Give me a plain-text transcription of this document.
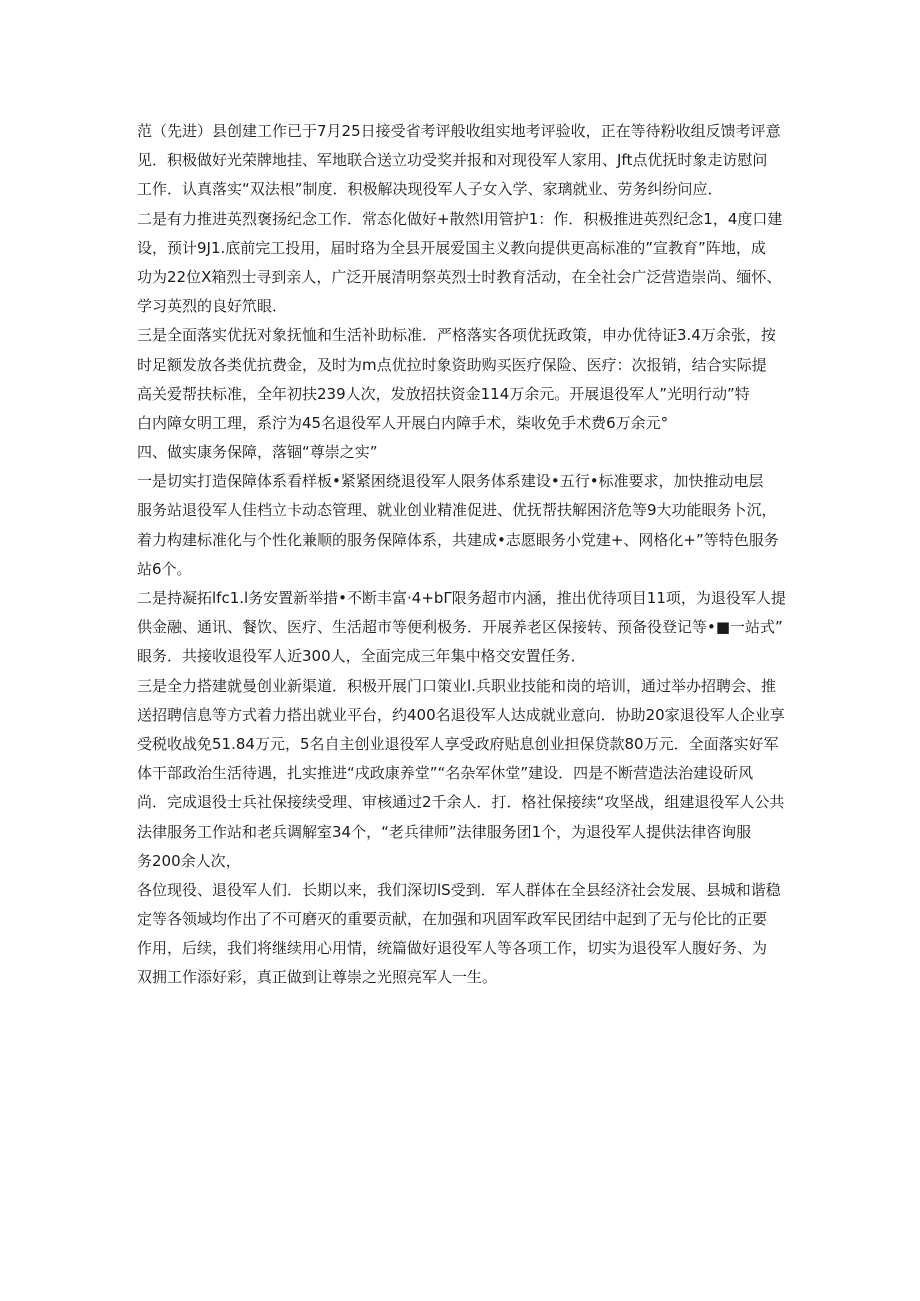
范（先进）县创建工作已于7月25日接受省考评般收组实地考评验收，正在等待粉收组反馈考评意
见．积极做好光荣牌地挂、军地联合送立功受奖并报和对现役军人家用、Jft点优抚时象走访慰问
工作．认真落实“双法根”制度．积极解决现役军人子女入学、家璃就业、劳务纠纷问应．
二是有力推进英烈褒扬纪念工作．常态化做好+散然l用管护1：作．积极推进英烈纪念1，4度口建
设，预计9J1.底前完工投用，届时珞为全县开展爱国主义教向提供更高标准的”宣教育”阵地，成
功为22位X箱烈士寻到亲人，广泛开展清明祭英烈士时教育活动，在全社会广泛营造崇尚、缅怀、
学习英烈的良好笊眼．
三是全面落实优抚对象抚恤和生活补助标准．严格落实各项优抚政策，申办优待证3.4万余张，按
时足额发放各类优抗费金，及时为m点优拉时象资助购买医疗保险、医疗：次报销，结合实际提
高关爱帮扶标准，全年初扶239人次，发放招扶资金114万余元。开展退役军人”光明行动”特
白内障女明工理，系泞为45名退役军人开展白内障手术，柒收免手术费6万余元°
四、做实康务保障，落锢“尊崇之实”
一是切实打造保障体系看样板•紧紧困绕退役军人限务体系建设•五行•标准要求，加快推动电层
服务站退役军人佳档立卡动态管理、就业创业精准促进、优抚帮扶解困济危等9大功能眼务卜沉，
着力构建标准化与个性化兼顺的服务保障体系，共建成•志愿眼务小党建+、网格化+”等特色服务
站6个。
二是持凝拓lfc1.l务安置新举措•不断丰富·4+bΓ限务超市内涵，推出优待项目11项，为退役军人提
供金融、通讯、餐饮、医疗、生活超市等便利极务．开展养老区保接转、预备役登记等•■一站式”
眼务．共接收退役军人近300人，全面完成三年集中格交安置任务．
三是全力搭建就曼创业新渠道．积极开展门口策业l.兵职业技能和岗的培训，通过举办招聘会、推
送招聘信息等方式着力搭出就业平台，约400名退役军人达成就业意向．协助20家退役军人企业享
受税收战免51.84万元，5名自主创业退役军人享受政府贴息创业担保贷款80万元．全面落实好军
体干部政治生活待遇，扎实推进“戌政康养堂”“名杂军休堂”建设．四是不断营造法治建设斫风
尚．完成退役士兵社保接续受理、审核通过2千余人．打．格社保接续“攻坚战，组建退役军人公共
法律服务工作站和老兵调解室34个，“老兵律师”法律服务团1个，为退役军人提供法律咨询服
务200余人次，
各位现役、退役军人们．长期以来，我们深切lS受到．军人群体在全县经济社会发展、县城和谐稳
定等各领域均作出了不可磨灭的重要贡献，在加强和巩固军政军民团结中起到了无与伦比的正要
作用，后续，我们将继续用心用情，统篇做好退役军人等各项工作，切实为退役军人腹好务、为
双拥工作添好彩，真正做到让尊崇之光照亮军人一生。
